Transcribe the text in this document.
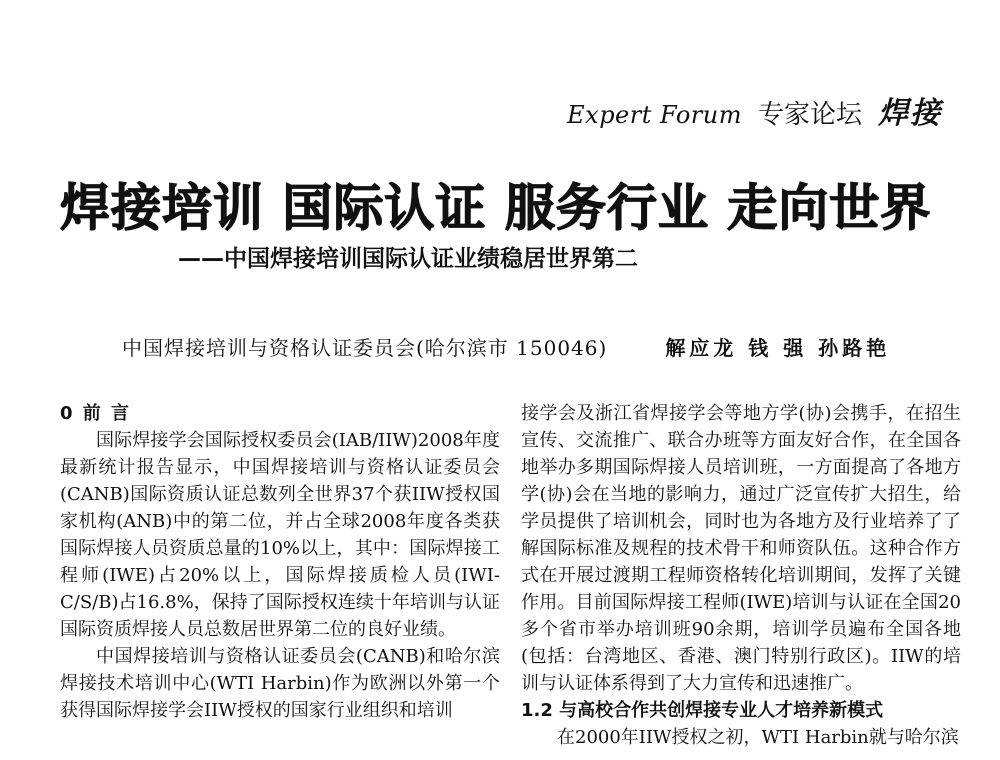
Expert Forum 专家论坛 焊接
焊接培训 国际认证 服务行业 走向世界
——中国焊接培训国际认证业绩稳居世界第二
中国焊接培训与资格认证委员会(哈尔滨市 150046)	解应龙 钱 强 孙路艳

0 前 言

国际焊接学会国际授权委员会(IAB/IIW)2008年度最新统计报告显示，中国焊接培训与资格认证委员会(CANB)国际资质认证总数列全世界37个获IIW授权国家机构(ANB)中的第二位，并占全球2008年度各类获国际焊接人员资质总量的10%以上，其中：国际焊接工程师(IWE)占20%以上，国际焊接质检人员(IWI-C/S/B)占16.8%，保持了国际授权连续十年培训与认证国际资质焊接人员总数居世界第二位的良好业绩。

中国焊接培训与资格认证委员会(CANB)和哈尔滨焊接技术培训中心(WTI Harbin)作为欧洲以外第一个获得国际焊接学会IIW授权的国家行业组织和培训

接学会及浙江省焊接学会等地方学(协)会携手，在招生宣传、交流推广、联合办班等方面友好合作，在全国各地举办多期国际焊接人员培训班，一方面提高了各地方学(协)会在当地的影响力，通过广泛宣传扩大招生，给学员提供了培训机会，同时也为各地方及行业培养了了解国际标准及规程的技术骨干和师资队伍。这种合作方式在开展过渡期工程师资格转化培训期间，发挥了关键作用。目前国际焊接工程师(IWE)培训与认证在全国20多个省市举办培训班90余期，培训学员遍布全国各地(包括：台湾地区、香港、澳门特别行政区)。IIW的培训与认证体系得到了大力宣传和迅速推广。

1.2 与高校合作共创焊接专业人才培养新模式

在2000年IIW授权之初，WTI Harbin就与哈尔滨
